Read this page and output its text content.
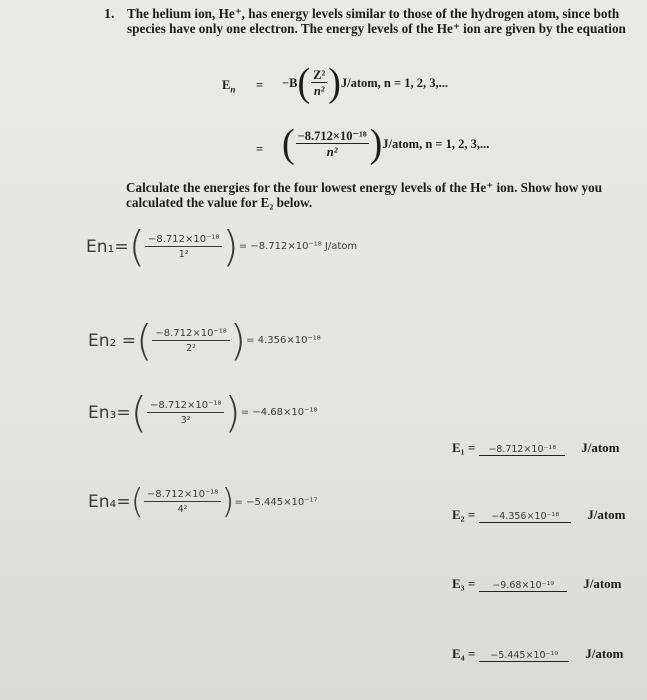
1. The helium ion, He⁺, has energy levels similar to those of the hydrogen atom, since both species have only one electron. The energy levels of the He⁺ ion are given by the equation
$E_n = -B$ ( $\frac{\text{Z²}}{\text{n²}}$ ) J/atom, n = 1, 2, 3,...
= ( $\frac{\text{−8.712×10⁻¹⁸}}{\text{n²}}$ ) J/atom, n = 1, 2, 3,...
Calculate the energies for the four lowest energy levels of the He⁺ ion. Show how you calculated the value for E₂ below.
En₁= ( $\frac{\text{−8.712×10⁻¹⁸}}{\text{1²}}$ ) = −8.712×10⁻¹⁸ J/atom
En₂ = ( $\frac{\text{−8.712×10⁻¹⁸}}{\text{2²}}$ ) = 4.356×10⁻¹⁸
En₃= ( $\frac{\text{−8.712×10⁻¹⁸}}{\text{3²}}$ ) = −4.68×10⁻¹⁸
En₄= ( $\frac{\text{−8.712×10⁻¹⁸}}{\text{4²}}$ ) = −5.445×10⁻¹⁷
E₁ = −8.712×10⁻¹⁸ J/atom
E₂ = −4.356×10⁻¹⁸ J/atom
E₃ = −9.68×10⁻¹⁹ J/atom
E₄ = −5.445×10⁻¹⁹ J/atom
